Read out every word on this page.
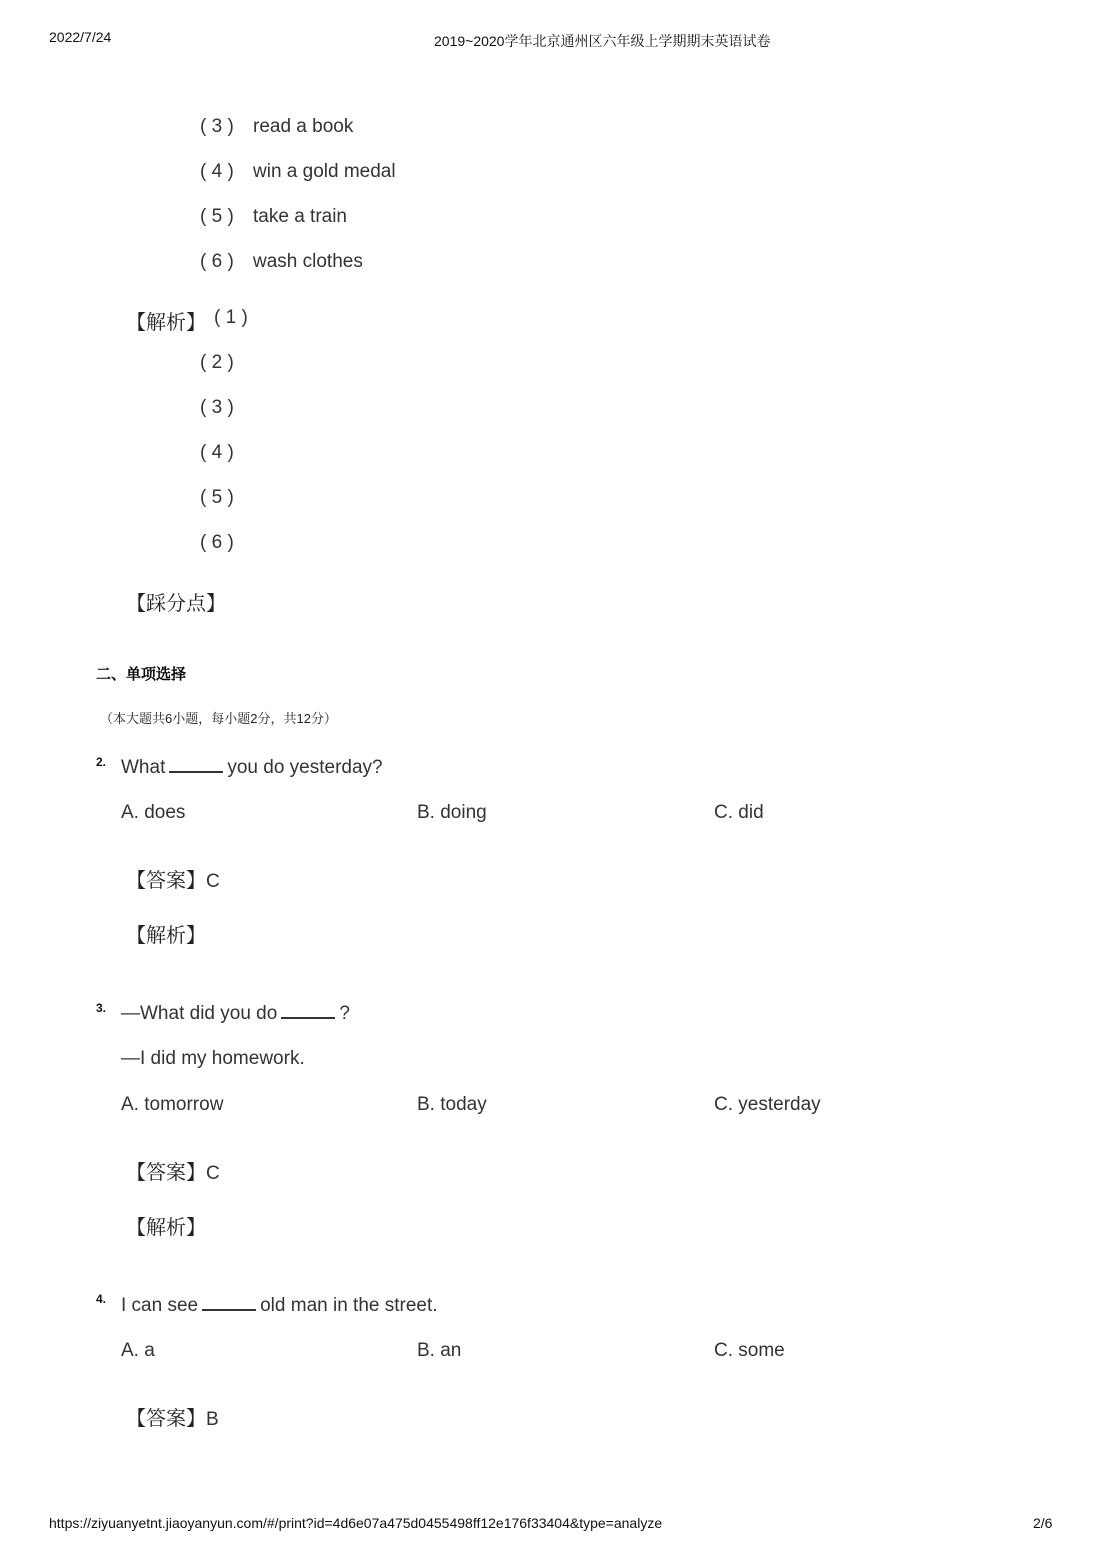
2022/7/24	2019~2020学年北京通州区六年级上学期期末英语试卷
( 3 ) read a book
( 4 ) win a gold medal
( 5 ) take a train
( 6 ) wash clothes
【解析】 ( 1 )
( 2 )
( 3 )
( 4 )
( 5 )
( 6 )
【踩分点】
二、单项选择
（本大题共6小题，每小题2分，共12分）
2. What	you do yesterday?
A. does	B. doing	C. did
【答案】C
【解析】
3. —What did you do	?
—I did my homework.
A. tomorrow	B. today	C. yesterday
【答案】C
【解析】
4. I can see	old man in the street.
A. a	B. an	C. some
【答案】B
https://ziyuanyetnt.jiaoyanyun.com/#/print?id=4d6e07a475d0455498ff12e176f33404&type=analyze	2/6
